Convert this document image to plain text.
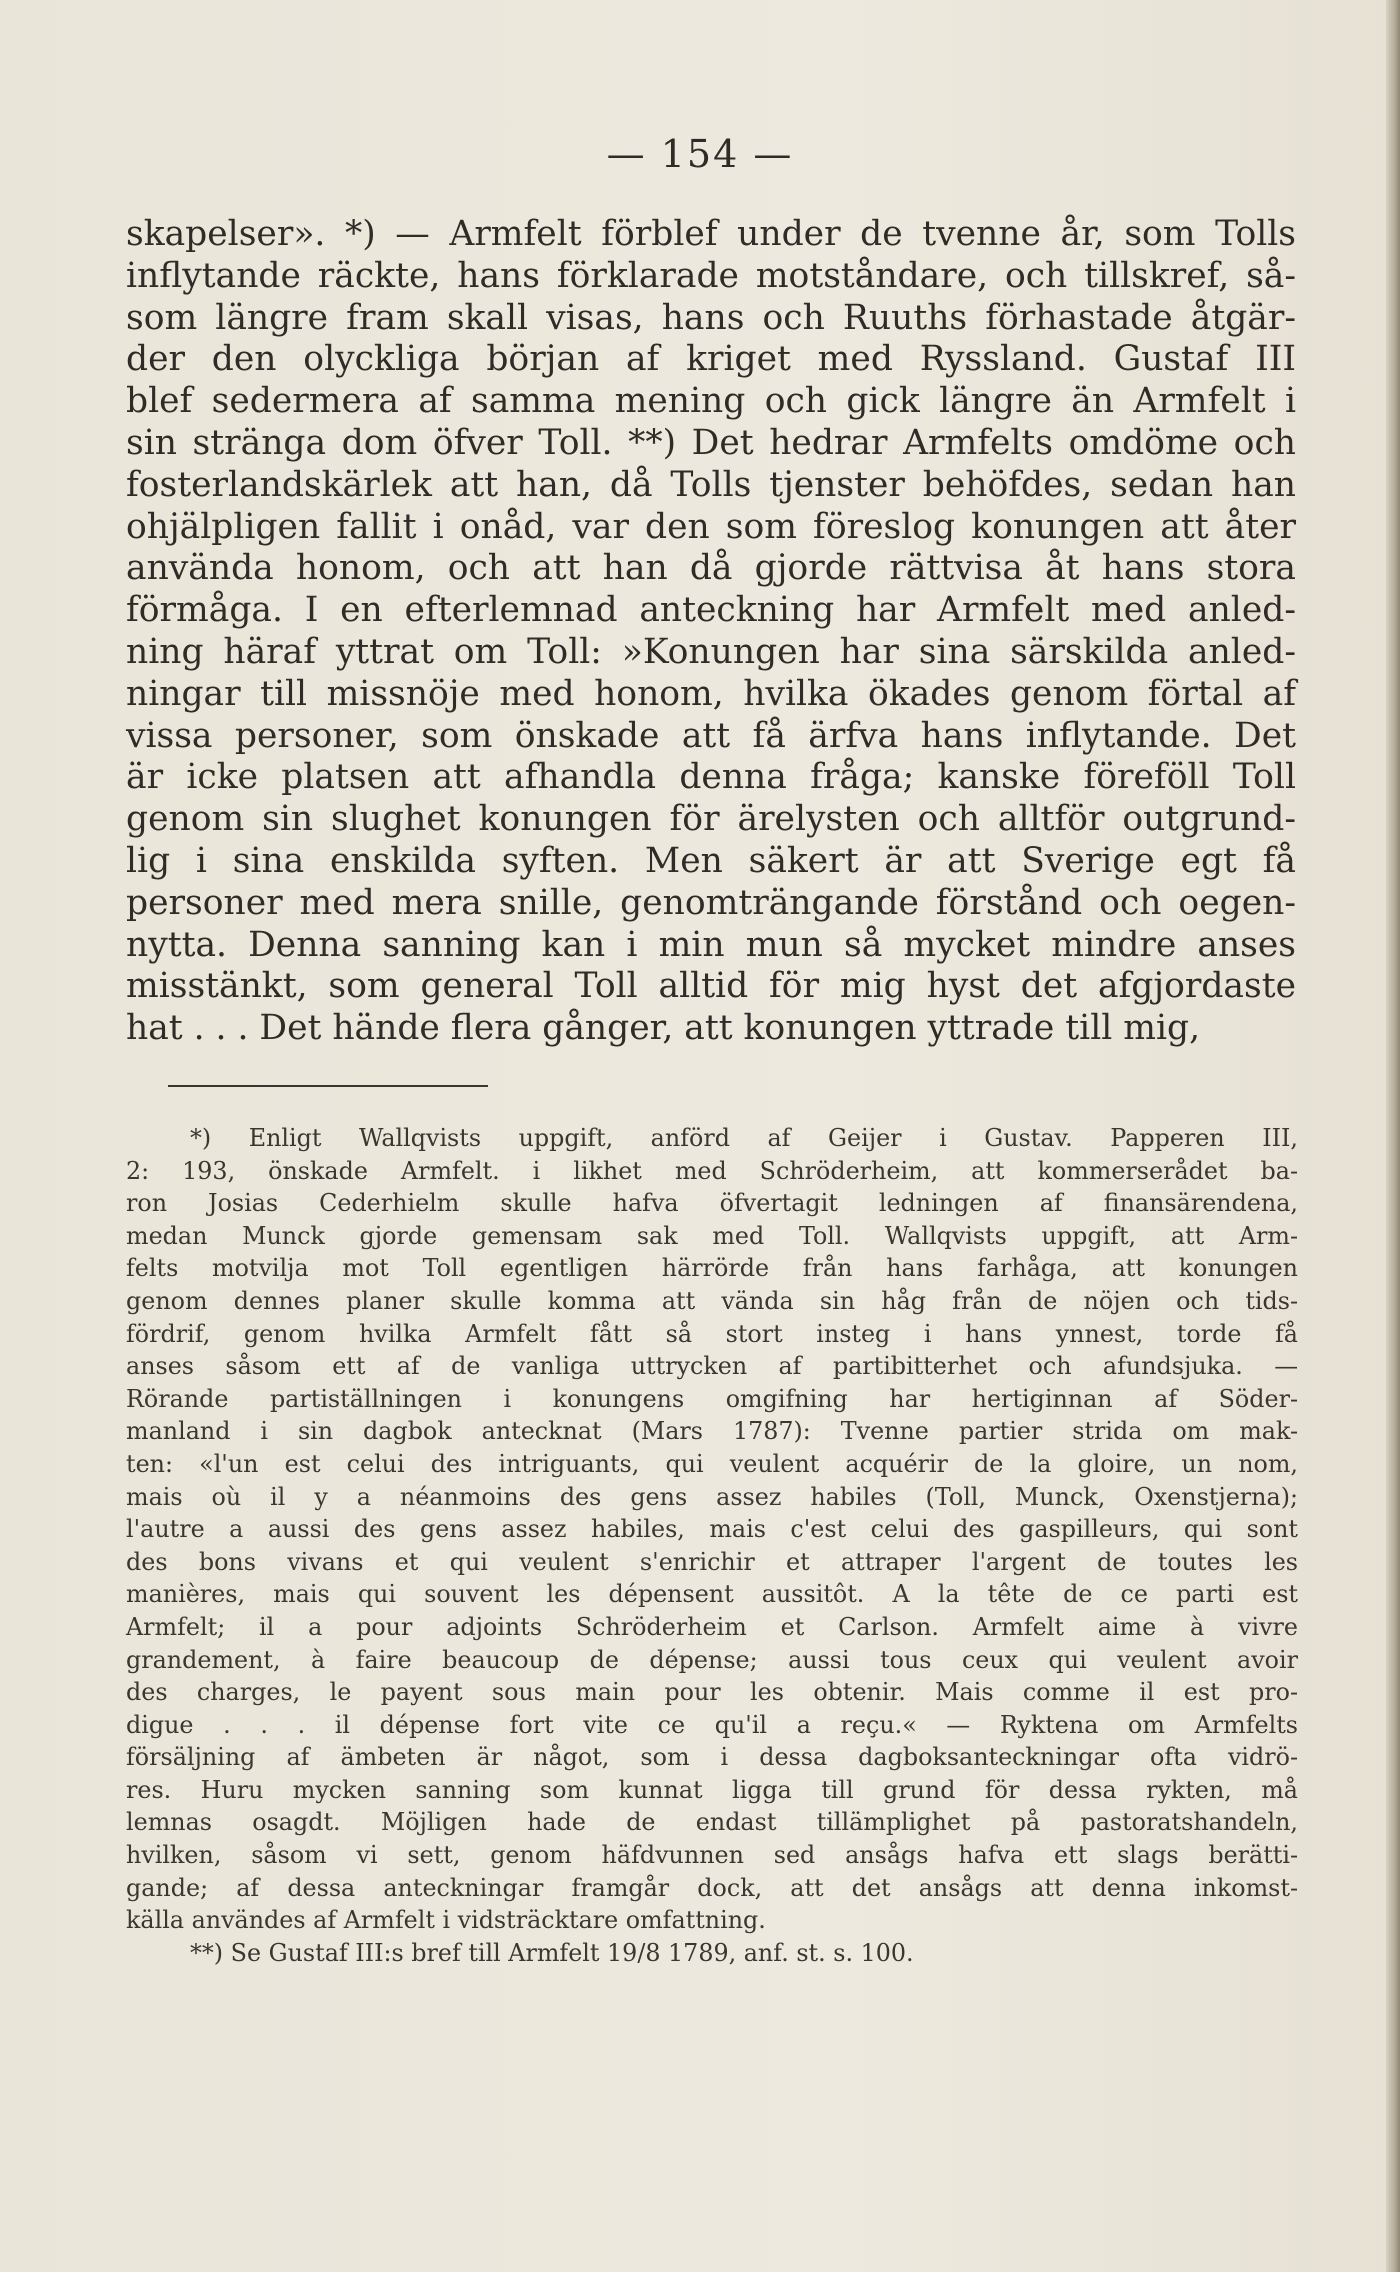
— 154 —
skapelser». *) — Armfelt förblef under de tvenne år, som Tolls
inflytande räckte, hans förklarade motståndare, och tillskref, så-
som längre fram skall visas, hans och Ruuths förhastade åtgär-
der den olyckliga början af kriget med Ryssland. Gustaf III
blef sedermera af samma mening och gick längre än Armfelt i
sin stränga dom öfver Toll. **) Det hedrar Armfelts omdöme och
fosterlandskärlek att han, då Tolls tjenster behöfdes, sedan han
ohjälpligen fallit i onåd, var den som föreslog konungen att åter
använda honom, och att han då gjorde rättvisa åt hans stora
förmåga. I en efterlemnad anteckning har Armfelt med anled-
ning häraf yttrat om Toll: »Konungen har sina särskilda anled-
ningar till missnöje med honom, hvilka ökades genom förtal af
vissa personer, som önskade att få ärfva hans inflytande. Det
är icke platsen att afhandla denna fråga; kanske föreföll Toll
genom sin slughet konungen för ärelysten och alltför outgrund-
lig i sina enskilda syften. Men säkert är att Sverige egt få
personer med mera snille, genomträngande förstånd och oegen-
nytta. Denna sanning kan i min mun så mycket mindre anses
misstänkt, som general Toll alltid för mig hyst det afgjordaste
hat . . . Det hände flera gånger, att konungen yttrade till mig,
*) Enligt Wallqvists uppgift, anförd af Geijer i Gustav. Papperen III,
2: 193, önskade Armfelt. i likhet med Schröderheim, att kommerserådet ba-
ron Josias Cederhielm skulle hafva öfvertagit ledningen af finansärendena,
medan Munck gjorde gemensam sak med Toll. Wallqvists uppgift, att Arm-
felts motvilja mot Toll egentligen härrörde från hans farhåga, att konungen
genom dennes planer skulle komma att vända sin håg från de nöjen och tids-
fördrif, genom hvilka Armfelt fått så stort insteg i hans ynnest, torde få
anses såsom ett af de vanliga uttrycken af partibitterhet och afundsjuka. —
Rörande partiställningen i konungens omgifning har hertiginnan af Söder-
manland i sin dagbok antecknat (Mars 1787): Tvenne partier strida om mak-
ten: «l'un est celui des intriguants, qui veulent acquérir de la gloire, un nom,
mais où il y a néanmoins des gens assez habiles (Toll, Munck, Oxenstjerna);
l'autre a aussi des gens assez habiles, mais c'est celui des gaspilleurs, qui sont
des bons vivans et qui veulent s'enrichir et attraper l'argent de toutes les
manières, mais qui souvent les dépensent aussitôt. A la tête de ce parti est
Armfelt; il a pour adjoints Schröderheim et Carlson. Armfelt aime à vivre
grandement, à faire beaucoup de dépense; aussi tous ceux qui veulent avoir
des charges, le payent sous main pour les obtenir. Mais comme il est pro-
digue . . . il dépense fort vite ce qu'il a reçu.« — Ryktena om Armfelts
försäljning af ämbeten är något, som i dessa dagboksanteckningar ofta vidrö-
res. Huru mycken sanning som kunnat ligga till grund för dessa rykten, må
lemnas osagdt. Möjligen hade de endast tillämplighet på pastoratshandeln,
hvilken, såsom vi sett, genom häfdvunnen sed ansågs hafva ett slags berätti-
gande; af dessa anteckningar framgår dock, att det ansågs att denna inkomst-
källa användes af Armfelt i vidsträcktare omfattning.
**) Se Gustaf III:s bref till Armfelt 19/8 1789, anf. st. s. 100.
